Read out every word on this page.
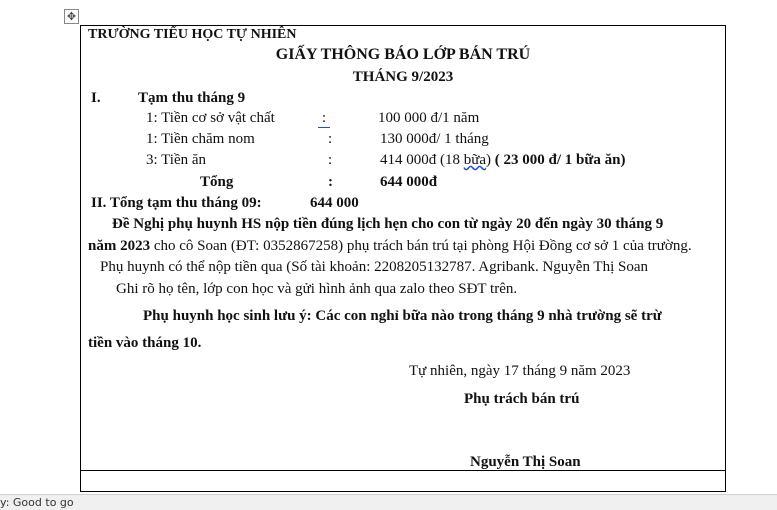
✥
TRƯỜNG TIỂU HỌC TỰ NHIÊN
GIẤY THÔNG BÁO LỚP BÁN TRÚ
THÁNG 9/2023
I. Tạm thu tháng 9
1: Tiền cơ sở vật chất	:	100 000 đ/1 năm
1: Tiền chăm nom	:	130 000đ/ 1 tháng
3: Tiền ăn	:	414 000đ (18 bữa) ( 23 000 đ/ 1 bữa ăn)
Tổng	:	644 000đ
II. Tổng tạm thu tháng 09:	644 000
Đề Nghị phụ huynh HS nộp tiền đúng lịch hẹn cho con từ ngày 20 đến ngày 30 tháng 9
năm 2023 cho cô Soan (ĐT: 0352867258) phụ trách bán trú tại phòng Hội Đồng cơ sở 1 của trường.
Phụ huynh có thể nộp tiền qua (Số tài khoản: 2208205132787. Agribank. Nguyễn Thị Soan
Ghi rõ họ tên, lớp con học và gửi hình ảnh qua zalo theo SĐT trên.
Phụ huynh học sinh lưu ý: Các con nghỉ bữa nào trong tháng 9 nhà trường sẽ trừ
tiền vào tháng 10.
Tự nhiên, ngày 17 tháng 9 năm 2023
Phụ trách bán trú
Nguyễn Thị Soan
y: Good to go
